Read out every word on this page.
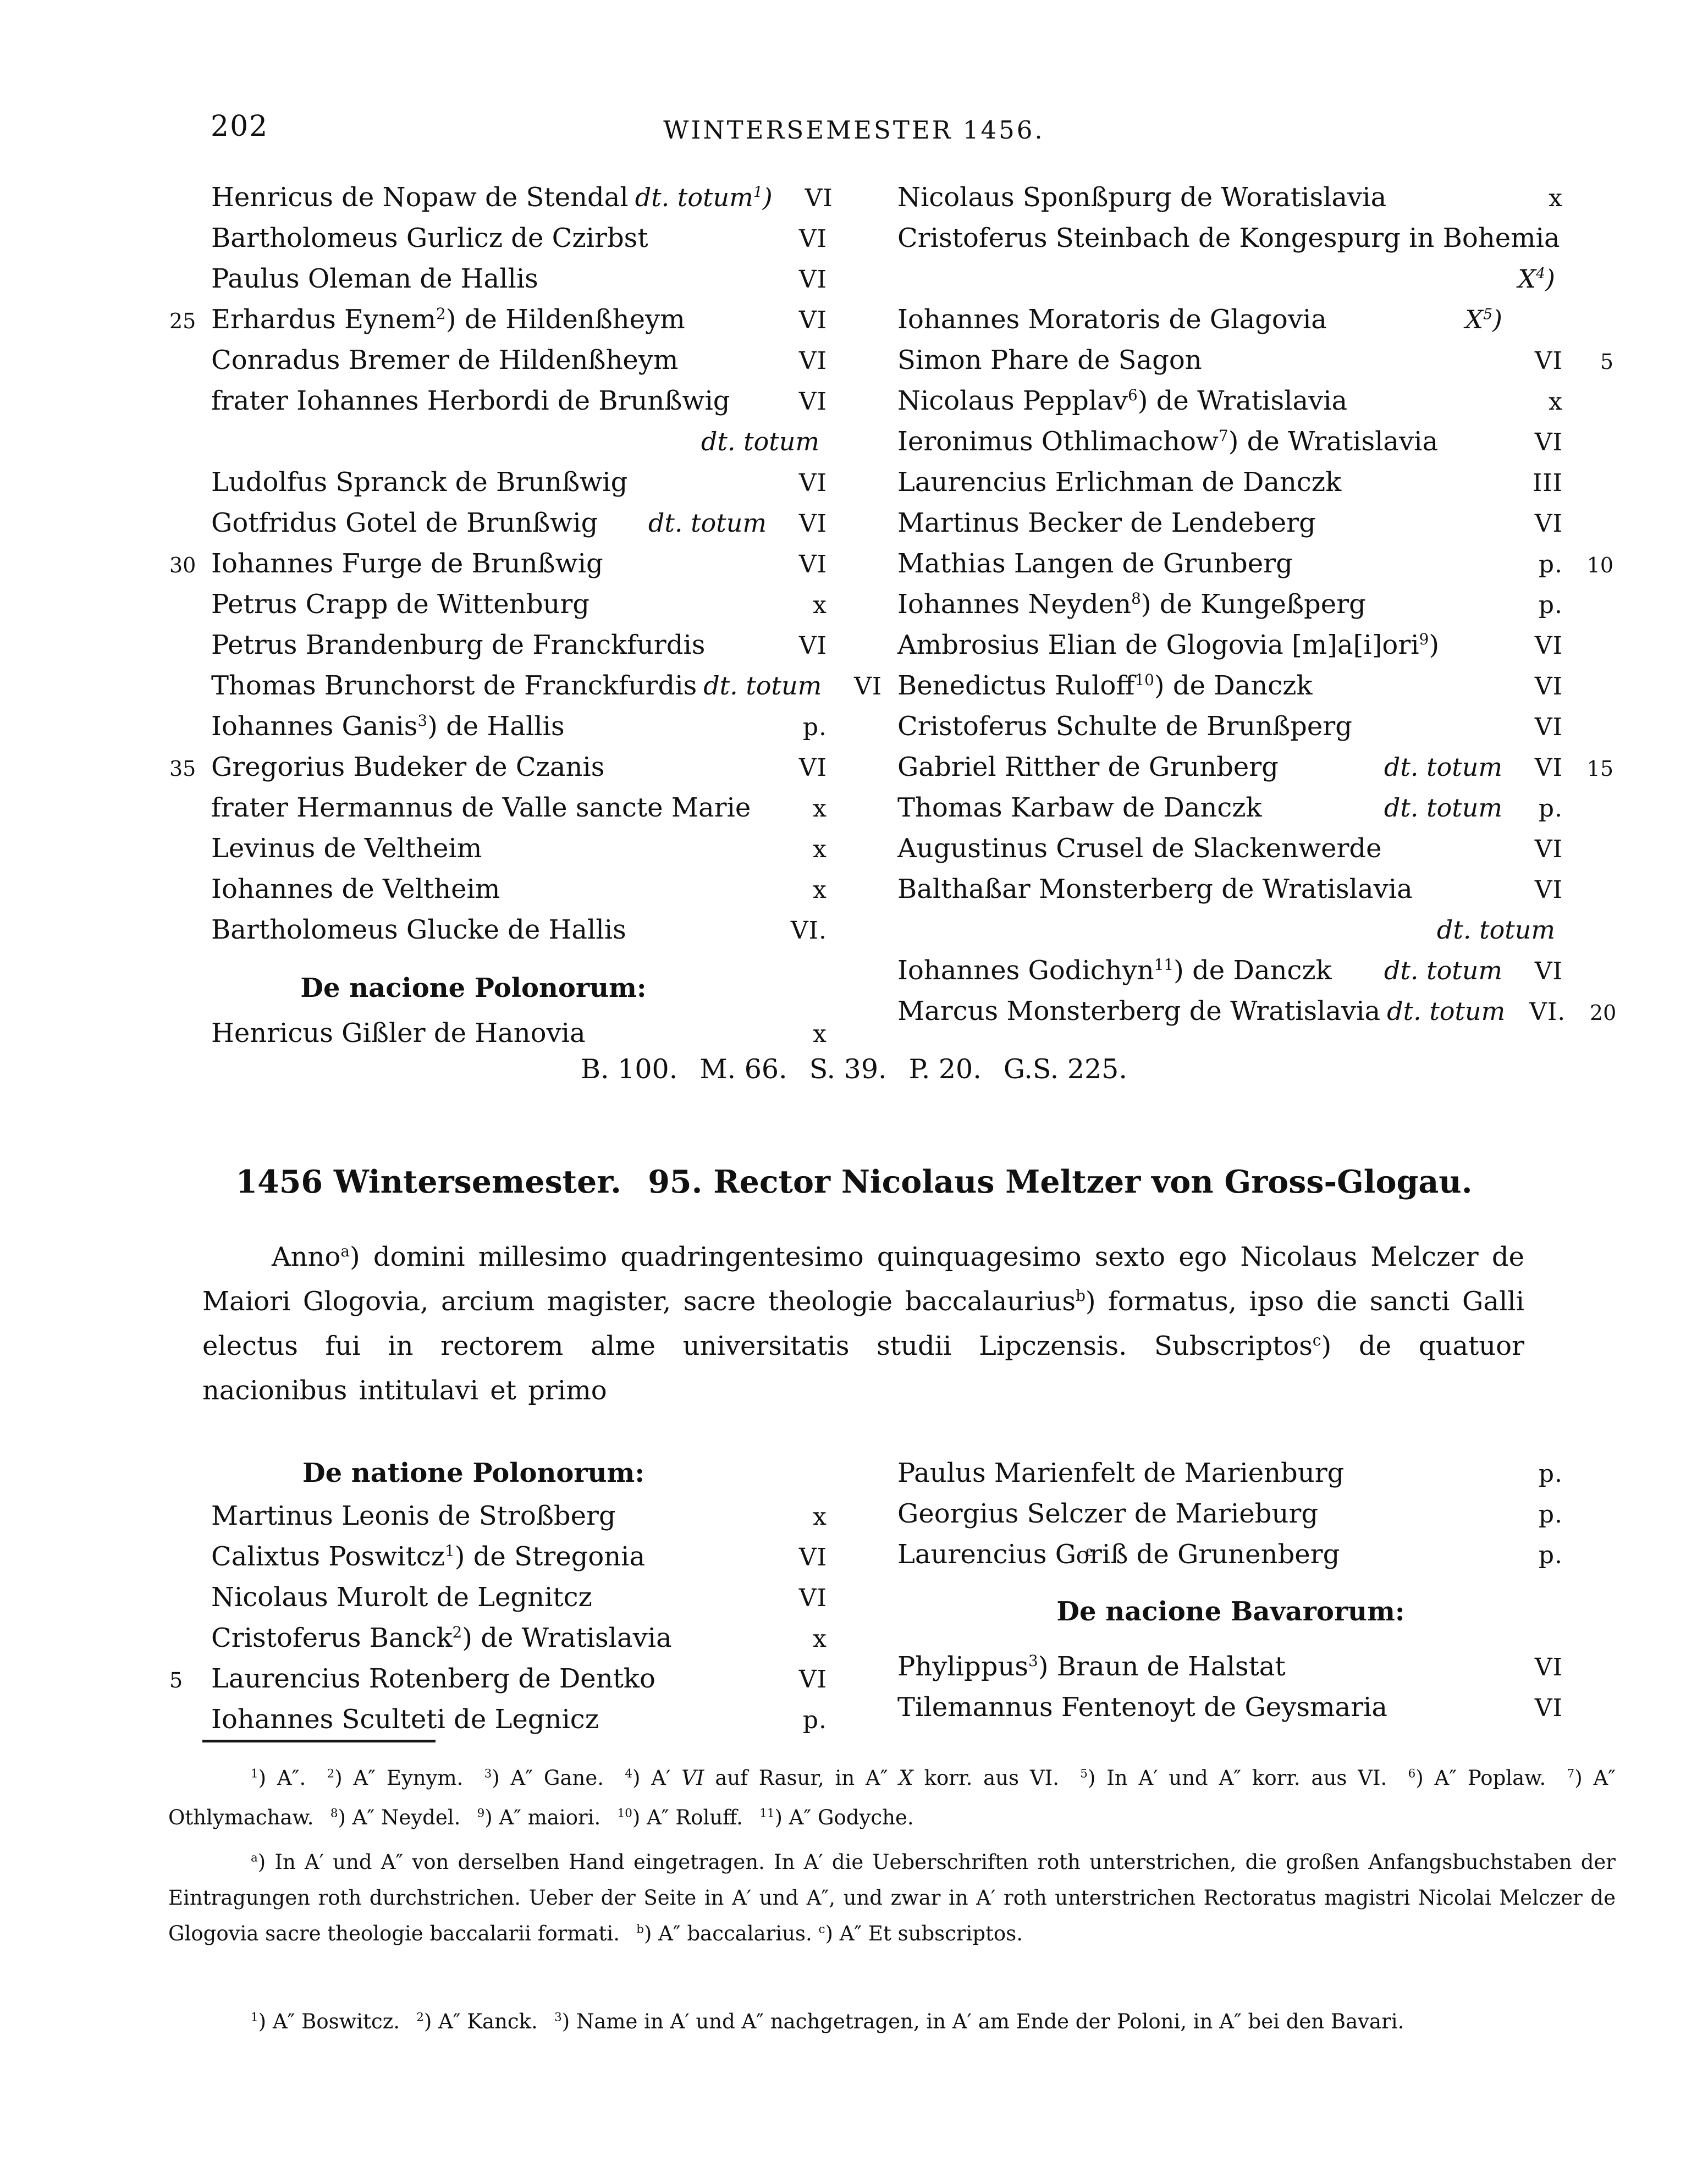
202	WINTERSEMESTER 1456.
Henricus de Nopaw de Stendal dt. totum$^1$)	VI
Bartholomeus Gurlicz de Czirbst	VI
Paulus Oleman de Hallis	VI
25 Erhardus Eynem$^2$) de Hildenßheym	VI
Conradus Bremer de Hildenßheym	VI
frater Iohannes Herbordi de Brunßwig	VI
dt. totum
Ludolfus Spranck de Brunßwig	VI
Gotfridus Gotel de Brunßwig	dt. totum	VI
30 Iohannes Furge de Brunßwig	VI
Petrus Crapp de Wittenburg	x
Petrus Brandenburg de Franckfurdis	VI
Thomas Brunchorst de Franckfurdis dt. totum	VI
Iohannes Ganis$^3$) de Hallis	p.
35 Gregorius Budeker de Czanis	VI
frater Hermannus de Valle sancte Marie	x
Levinus de Veltheim	x
Iohannes de Veltheim	x
Bartholomeus Glucke de Hallis	VI.
De nacione Polonorum:
Henricus Gißler de Hanovia	x
Nicolaus Sponßpurg de Woratislavia	x
Cristoferus Steinbach de Kongespurg in Bohemia
$X^4$)
Iohannes Moratoris de Glagovia	$X^5$)
Simon Phare de Sagon	VI	5
Nicolaus Pepplav$^6$) de Wratislavia	x
Ieronimus Othlimachow$^7$) de Wratislavia	VI
Laurencius Erlichman de Danczk	III
Martinus Becker de Lendeberg	VI
Mathias Langen de Grunberg	p.	10
Iohannes Neyden$^8$) de Kungeßperg	p.
Ambrosius Elian de Glogovia [m]a[i]ori$^9$)	VI
Benedictus Ruloff$^{10}$) de Danczk	VI
Cristoferus Schulte de Brunßperg	VI
Gabriel Ritther de Grunberg	dt. totum	VI	15
Thomas Karbaw de Danczk	dt. totum	p.
Augustinus Crusel de Slackenwerde	VI
Balthaßar Monsterberg de Wratislavia	VI
dt. totum
Iohannes Godichyn$^{11}$) de Danczk	dt. totum	VI
Marcus Monsterberg de Wratislavia dt. totum VI.	20
B. 100.  M. 66.  S. 39.  P. 20.  G.S. 225.
1456 Wintersemester.  95. Rector Nicolaus Meltzer von Gross-Glogau.
Anno$^a$) domini millesimo quadringentesimo quinquagesimo sexto ego Nicolaus Melczer de Maiori Glogovia, arcium magister, sacre theologie baccalaurius$^b$) formatus, ipso die sancti Galli electus fui in rectorem alme universitatis studii Lipczensis. Subscriptos$^c$) de quatuor nacionibus intitulavi et primo
De natione Polonorum:
Martinus Leonis de Stroßberg	x
Calixtus Poswitcz$^1$) de Stregonia	VI
Nicolaus Murolt de Legnitcz	VI
Cristoferus Banck$^2$) de Wratislavia	x
5	Laurencius Rotenberg de Dentko	VI
Iohannes Sculteti de Legnicz	p.
Paulus Marienfelt de Marienburg	p.
Georgius Selczer de Marieburg	p.
Laurencius Goͤriß de Grunenberg	p.
De nacione Bavarorum:
Phylippus$^3$) Braun de Halstat	VI
Tilemannus Fentenoyt de Geysmaria	VI
$^1$) A″.  $^2$) A″ Eynym.  $^3$) A″ Gane.  $^4$) A′ VI auf Rasur, in A″ X korr. aus VI.  $^5$) In A′ und A″ korr. aus VI.  $^6$) A″ Poplaw.  $^7$) A″ Othlymachaw.  $^8$) A″ Neydel.  $^9$) A″ maiori.  $^{10}$) A″ Roluff.  $^{11}$) A″ Godyche.
$^a$) In A′ und A″ von derselben Hand eingetragen. In A′ die Ueberschriften roth unterstrichen, die großen Anfangsbuchstaben der Eintragungen roth durchstrichen. Ueber der Seite in A′ und A″, und zwar in A′ roth unterstrichen Rectoratus magistri Nicolai Melczer de Glogovia sacre theologie baccalarii formati.  $^b$) A″ baccalarius. $^c$) A″ Et subscriptos.
$^1$) A″ Boswitcz.  $^2$) A″ Kanck.  $^3$) Name in A′ und A″ nachgetragen, in A′ am Ende der Poloni, in A″ bei den Bavari.
